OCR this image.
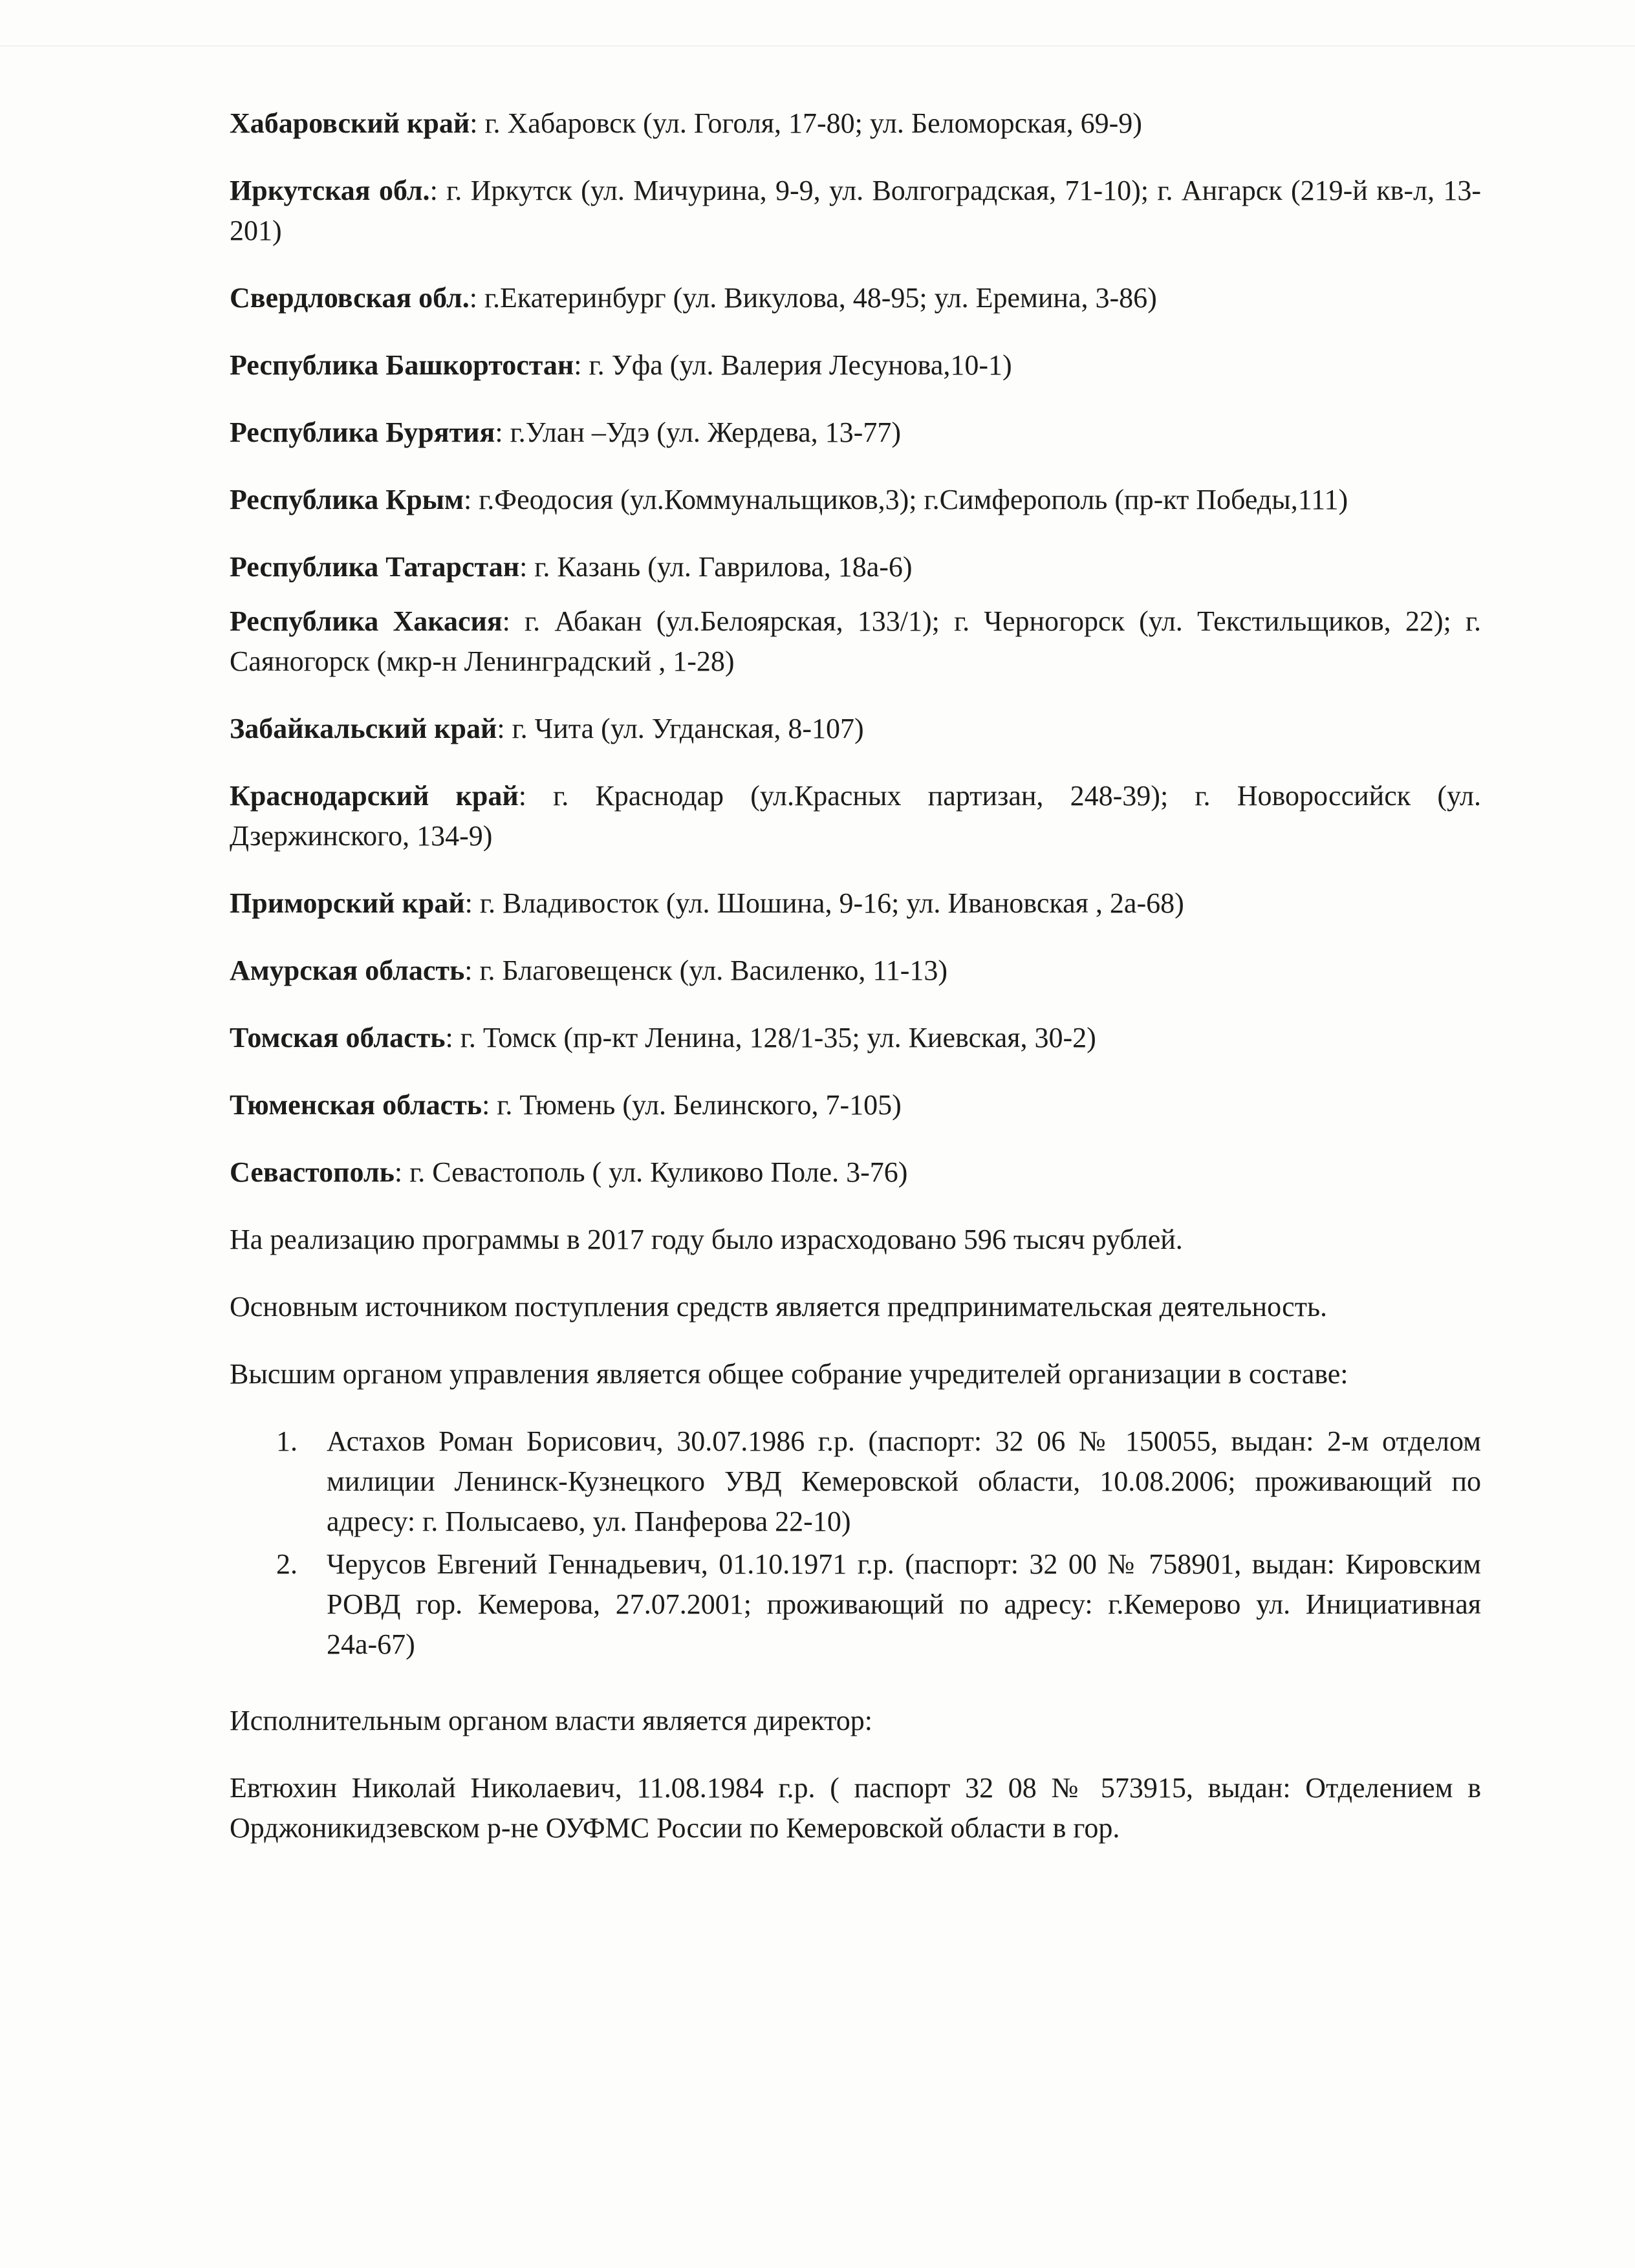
Хабаровский край: г. Хабаровск (ул. Гоголя, 17-80; ул. Беломорская, 69-9)

Иркутская обл.: г. Иркутск (ул. Мичурина, 9-9, ул. Волгоградская, 71-10); г. Ангарск (219-й кв-л, 13-201)

Свердловская обл.: г.Екатеринбург (ул. Викулова, 48-95; ул. Еремина, 3-86)

Республика Башкортостан: г. Уфа (ул. Валерия Лесунова,10-1)

Республика Бурятия: г.Улан –Удэ (ул. Жердева, 13-77)

Республика Крым: г.Феодосия (ул.Коммунальщиков,3); г.Симферополь (пр-кт Победы,111)

Республика Татарстан: г. Казань (ул. Гаврилова, 18а-6)

Республика Хакасия: г. Абакан (ул.Белоярская, 133/1); г. Черногорск (ул. Текстильщиков, 22); г. Саяногорск (мкр-н Ленинградский , 1-28)

Забайкальский край: г. Чита (ул. Угданская, 8-107)

Краснодарский край: г. Краснодар (ул.Красных партизан, 248-39); г. Новороссийск (ул. Дзержинского, 134-9)

Приморский край: г. Владивосток (ул. Шошина, 9-16; ул. Ивановская , 2а-68)

Амурская область: г. Благовещенск (ул. Василенко, 11-13)

Томская область: г. Томск (пр-кт Ленина, 128/1-35; ул. Киевская, 30-2)

Тюменская область: г. Тюмень (ул. Белинского, 7-105)

Севастополь: г. Севастополь ( ул. Куликово Поле. 3-76)

На реализацию программы в 2017 году было израсходовано 596 тысяч рублей.

Основным источником поступления средств является предпринимательская деятельность.

Высшим органом управления является общее собрание учредителей организации в составе:

1. Астахов Роман Борисович, 30.07.1986 г.р. (паспорт: 32 06 № 150055, выдан: 2-м отделом милиции Ленинск-Кузнецкого УВД Кемеровской области, 10.08.2006; проживающий по адресу: г. Полысаево, ул. Панферова 22-10)
2. Черусов Евгений Геннадьевич, 01.10.1971 г.р. (паспорт: 32 00 № 758901, выдан: Кировским РОВД гор. Кемерова, 27.07.2001; проживающий по адресу: г.Кемерово ул. Инициативная 24а-67)

Исполнительным органом власти является директор:

Евтюхин Николай Николаевич, 11.08.1984 г.р. ( паспорт 32 08 № 573915, выдан: Отделением в Орджоникидзевском р-не ОУФМС России по Кемеровской области в гор.
